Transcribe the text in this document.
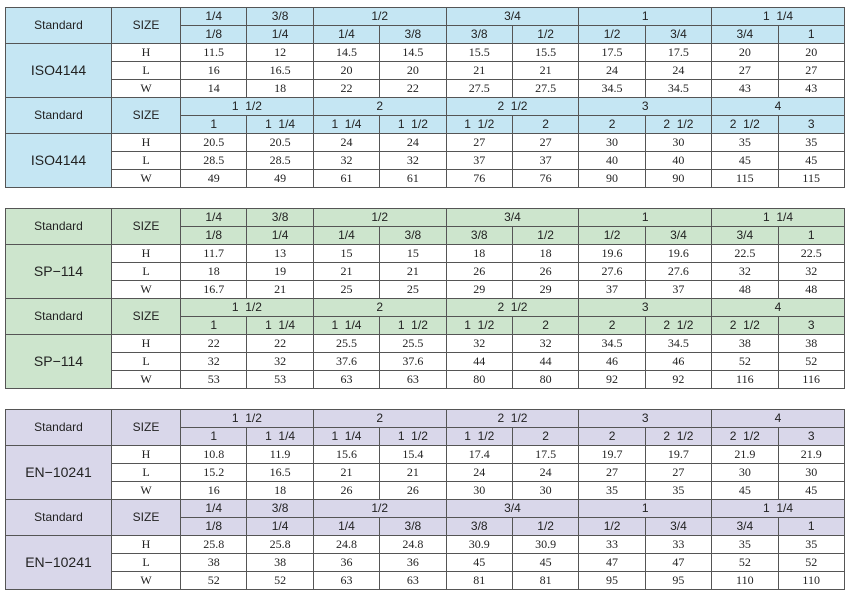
Standard	SIZE	1/4	3/8	1/2		3/4		1		1  1/4	
		1/8	1/4	1/4	3/8	3/8	1/2	1/2	3/4	3/4	1
ISO4144	H	11.5	12	14.5	14.5	15.5	15.5	17.5	17.5	20	20
	L	16	16.5	20	20	21	21	24	24	27	27
	W	14	18	22	22	27.5	27.5	34.5	34.5	43	43
Standard	SIZE	1  1/2		2		2  1/2		3		4	
		1	1  1/4	1  1/4	1  1/2	1  1/2	2	2	2  1/2	2  1/2	3
ISO4144	H	20.5	20.5	24	24	27	27	30	30	35	35
	L	28.5	28.5	32	32	37	37	40	40	45	45
	W	49	49	61	61	76	76	90	90	115	115
Standard	SIZE	1/4	3/8	1/2		3/4		1		1  1/4	
		1/8	1/4	1/4	3/8	3/8	1/2	1/2	3/4	3/4	1
SP−114	H	11.7	13	15	15	18	18	19.6	19.6	22.5	22.5
	L	18	19	21	21	26	26	27.6	27.6	32	32
	W	16.7	21	25	25	29	29	37	37	48	48
Standard	SIZE	1  1/2		2		2  1/2		3		4	
		1	1  1/4	1  1/4	1  1/2	1  1/2	2	2	2  1/2	2  1/2	3
SP−114	H	22	22	25.5	25.5	32	32	34.5	34.5	38	38
	L	32	32	37.6	37.6	44	44	46	46	52	52
	W	53	53	63	63	80	80	92	92	116	116
Standard	SIZE	1  1/2		2		2  1/2		3		4	
		1	1  1/4	1  1/4	1  1/2	1  1/2	2	2	2  1/2	2  1/2	3
EN−10241	H	10.8	11.9	15.6	15.4	17.4	17.5	19.7	19.7	21.9	21.9
	L	15.2	16.5	21	21	24	24	27	27	30	30
	W	16	18	26	26	30	30	35	35	45	45
Standard	SIZE	1/4	3/8	1/2		3/4		1		1  1/4	
		1/8	1/4	1/4	3/8	3/8	1/2	1/2	3/4	3/4	1
EN−10241	H	25.8	25.8	24.8	24.8	30.9	30.9	33	33	35	35
	L	38	38	36	36	45	45	47	47	52	52
	W	52	52	63	63	81	81	95	95	110	110
